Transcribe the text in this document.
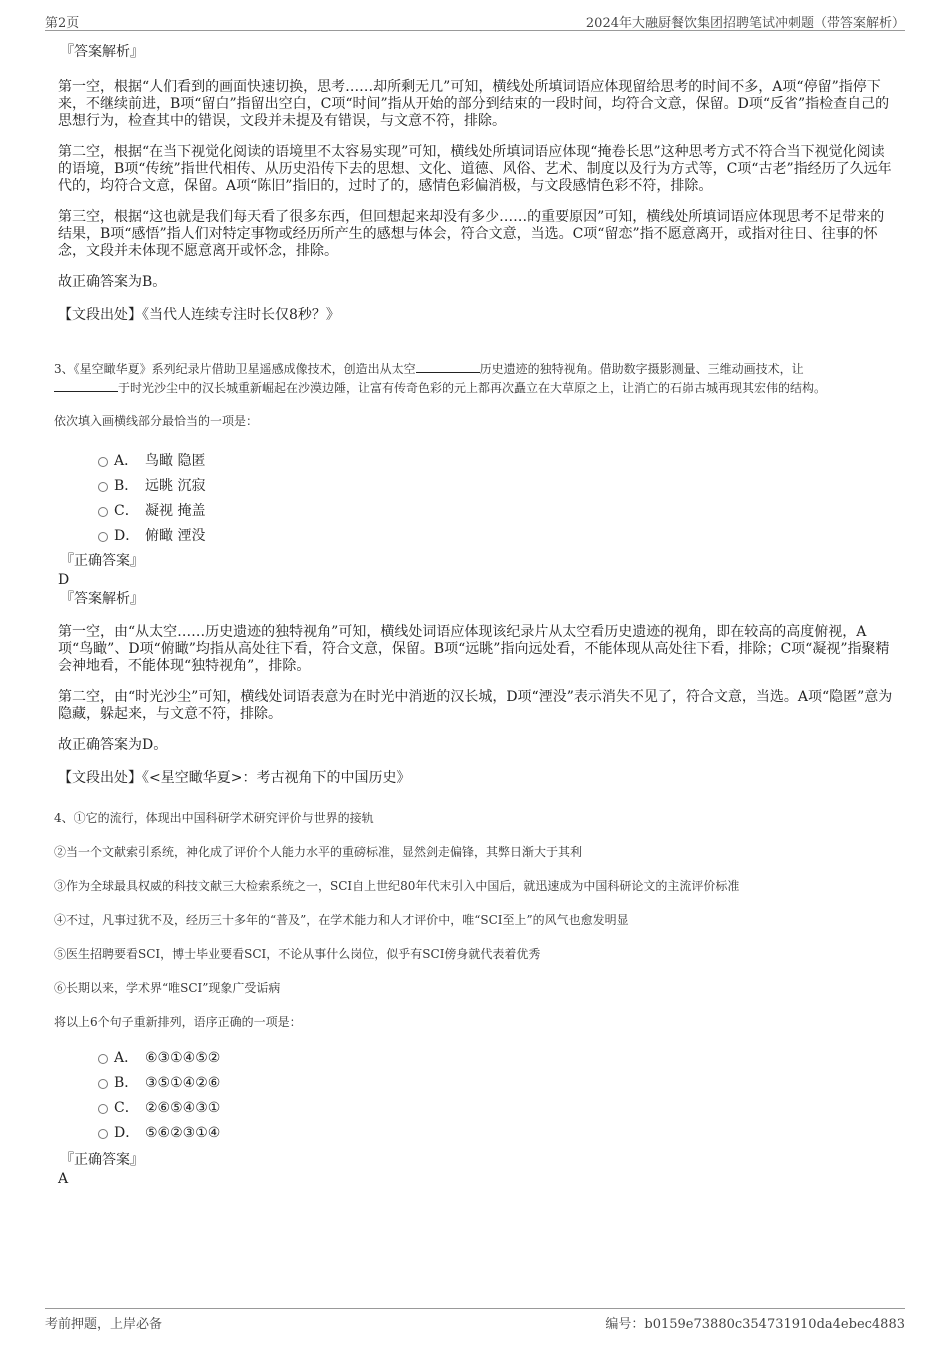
第2页	2024年大融厨餐饮集团招聘笔试冲刺题（带答案解析）
『答案解析』

第一空，根据“人们看到的画面快速切换，思考……却所剩无几”可知，横线处所填词语应体现留给思考的时间不多，A项“停留”指停下来，不继续前进，B项“留白”指留出空白，C项“时间”指从开始的部分到结束的一段时间，均符合文意，保留。D项“反省”指检查自己的思想行为，检查其中的错误，文段并未提及有错误，与文意不符，排除。

第二空，根据“在当下视觉化阅读的语境里不太容易实现”可知，横线处所填词语应体现“掩卷长思”这种思考方式不符合当下视觉化阅读的语境，B项“传统”指世代相传、从历史沿传下去的思想、文化、道德、风俗、艺术、制度以及行为方式等，C项“古老”指经历了久远年代的，均符合文意，保留。A项“陈旧”指旧的，过时了的，感情色彩偏消极，与文段感情色彩不符，排除。

第三空，根据“这也就是我们每天看了很多东西，但回想起来却没有多少……的重要原因”可知，横线处所填词语应体现思考不足带来的结果，B项“感悟”指人们对特定事物或经历所产生的感想与体会，符合文意，当选。C项“留恋”指不愿意离开，或指对往日、往事的怀念，文段并未体现不愿意离开或怀念，排除。

故正确答案为B。

【文段出处】《当代人连续专注时长仅8秒？》

3、《星空瞰华夏》系列纪录片借助卫星遥感成像技术，创造出从太空	历史遗迹的独特视角。借助数字摄影测量、三维动画技术，让
于时光沙尘中的汉长城重新崛起在沙漠边陲，让富有传奇色彩的元上都再次矗立在大草原之上，让消亡的石峁古城再现其宏伟的结构。

依次填入画横线部分最恰当的一项是：

A． 鸟瞰 隐匿
B． 远眺 沉寂
C． 凝视 掩盖
D． 俯瞰 湮没
『正确答案』
D
『答案解析』

第一空，由“从太空……历史遗迹的独特视角”可知，横线处词语应体现该纪录片从太空看历史遗迹的视角，即在较高的高度俯视，A项“鸟瞰”、D项“俯瞰”均指从高处往下看，符合文意，保留。B项“远眺”指向远处看，不能体现从高处往下看，排除；C项“凝视”指聚精会神地看，不能体现“独特视角”，排除。

第二空，由“时光沙尘”可知，横线处词语表意为在时光中消逝的汉长城，D项“湮没”表示消失不见了，符合文意，当选。A项“隐匿”意为隐藏，躲起来，与文意不符，排除。

故正确答案为D。

【文段出处】《<星空瞰华夏>：考古视角下的中国历史》

4、①它的流行，体现出中国科研学术研究评价与世界的接轨

②当一个文献索引系统，神化成了评价个人能力水平的重磅标准，显然剑走偏锋，其弊日渐大于其利

③作为全球最具权威的科技文献三大检索系统之一，SCI自上世纪80年代末引入中国后，就迅速成为中国科研论文的主流评价标准

④不过，凡事过犹不及，经历三十多年的“普及”，在学术能力和人才评价中，唯“SCI至上”的风气也愈发明显

⑤医生招聘要看SCI，博士毕业要看SCI，不论从事什么岗位，似乎有SCI傍身就代表着优秀

⑥长期以来，学术界“唯SCI”现象广受诟病

将以上6个句子重新排列，语序正确的一项是：

A． ⑥③①④⑤②
B． ③⑤①④②⑥
C． ②⑥⑤④③①
D． ⑤⑥②③①④
『正确答案』
A
考前押题，上岸必备	编号：b0159e73880c354731910da4ebec4883
